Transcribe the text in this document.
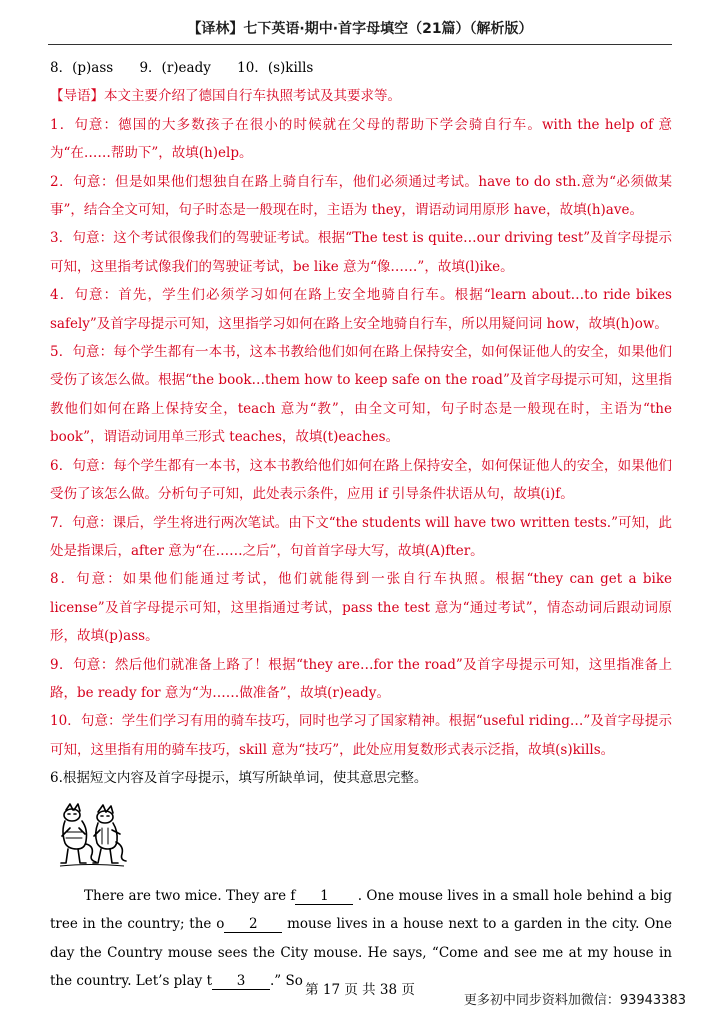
【译林】七下英语·期中·首字母填空（21篇）（解析版）
8．(p)ass 9．(r)eady 10．(s)kills
【导语】本文主要介绍了德国自行车执照考试及其要求等。
1．句意：德国的大多数孩子在很小的时候就在父母的帮助下学会骑自行车。with the help of 意为“在……帮助下”，故填(h)elp。
2．句意：但是如果他们想独自在路上骑自行车，他们必须通过考试。have to do sth.意为“必须做某事”，结合全文可知，句子时态是一般现在时，主语为 they，谓语动词用原形 have，故填(h)ave。
3．句意：这个考试很像我们的驾驶证考试。根据“The test is quite…our driving test”及首字母提示可知，这里指考试像我们的驾驶证考试，be like 意为“像……”，故填(l)ike。
4．句意：首先，学生们必须学习如何在路上安全地骑自行车。根据“learn about…to ride bikes safely”及首字母提示可知，这里指学习如何在路上安全地骑自行车，所以用疑问词 how，故填(h)ow。
5．句意：每个学生都有一本书，这本书教给他们如何在路上保持安全，如何保证他人的安全，如果他们受伤了该怎么做。根据“the book…them how to keep safe on the road”及首字母提示可知，这里指教他们如何在路上保持安全，teach 意为“教”，由全文可知，句子时态是一般现在时，主语为“the book”，谓语动词用单三形式 teaches，故填(t)eaches。
6．句意：每个学生都有一本书，这本书教给他们如何在路上保持安全，如何保证他人的安全，如果他们受伤了该怎么做。分析句子可知，此处表示条件，应用 if 引导条件状语从句，故填(i)f。
7．句意：课后，学生将进行两次笔试。由下文“the students will have two written tests.”可知，此处是指课后，after 意为“在……之后”，句首首字母大写，故填(A)fter。
8．句意：如果他们能通过考试，他们就能得到一张自行车执照。根据“they can get a bike license”及首字母提示可知，这里指通过考试，pass the test 意为“通过考试”，情态动词后跟动词原形，故填(p)ass。
9．句意：然后他们就准备上路了！根据“they are…for the road”及首字母提示可知，这里指准备上路，be ready for 意为“为……做准备”，故填(r)eady。
10．句意：学生们学习有用的骑车技巧，同时也学习了国家精神。根据“useful riding…”及首字母提示可知，这里指有用的骑车技巧，skill 意为“技巧”，此处应用复数形式表示泛指，故填(s)kills。
6.根据短文内容及首字母提示，填写所缺单词，使其意思完整。
There are two mice. They are f 1 . One mouse lives in a small hole behind a big tree in the country; the o 2 mouse lives in a house next to a garden in the city. One day the Country mouse sees the City mouse. He says, “Come and see me at my house in the country. Let’s play t 3 .” So
第 17 页 共 38 页
更多初中同步资料加微信：93943383
